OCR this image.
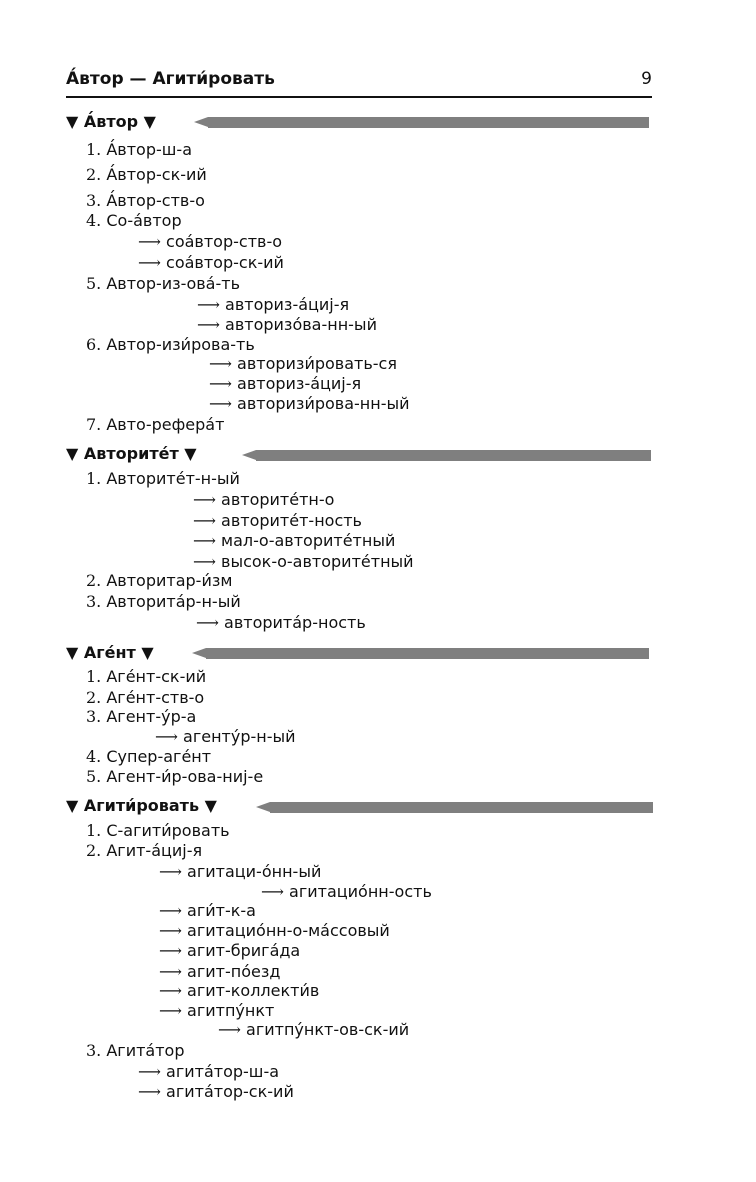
А́втор — Агити́ровать	9
▼ А́втор ▼
1. А́втор-ш-а
2. А́втор-ск-ий
3. А́втор-ств-о
4. Со-а́втор
⟶ соа́втор-ств-о
⟶ соа́втор-ск-ий
5. Автор-из-ова́-ть
⟶ авториз-а́циj-я
⟶ авторизо́ва-нн-ый
6. Автор-изи́рова-ть
⟶ авторизи́ровать-ся
⟶ авториз-а́циj-я
⟶ авторизи́рова-нн-ый
7. Авто-рефера́т
▼ Авторите́т ▼
1. Авторите́т-н-ый
⟶ авторите́тн-о
⟶ авторите́т-ность
⟶ мал-о-авторите́тный
⟶ высок-о-авторите́тный
2. Авторитар-и́зм
3. Авторита́р-н-ый
⟶ авторита́р-ность
▼ Аге́нт ▼
1. Аге́нт-ск-ий
2. Аге́нт-ств-о
3. Агент-у́р-а
⟶ агенту́р-н-ый
4. Супер-аге́нт
5. Агент-и́р-ова-ниj-е
▼ Агити́ровать ▼
1. С-агити́ровать
2. Агит-а́циj-я
⟶ агитаци-о́нн-ый
⟶ агитацио́нн-ость
⟶ аги́т-к-а
⟶ агитацио́нн-о-ма́ссовый
⟶ агит-брига́да
⟶ агит-по́езд
⟶ агит-коллекти́в
⟶ агитпу́нкт
⟶ агитпу́нкт-ов-ск-ий
3. Агита́тор
⟶ агита́тор-ш-а
⟶ агита́тор-ск-ий
